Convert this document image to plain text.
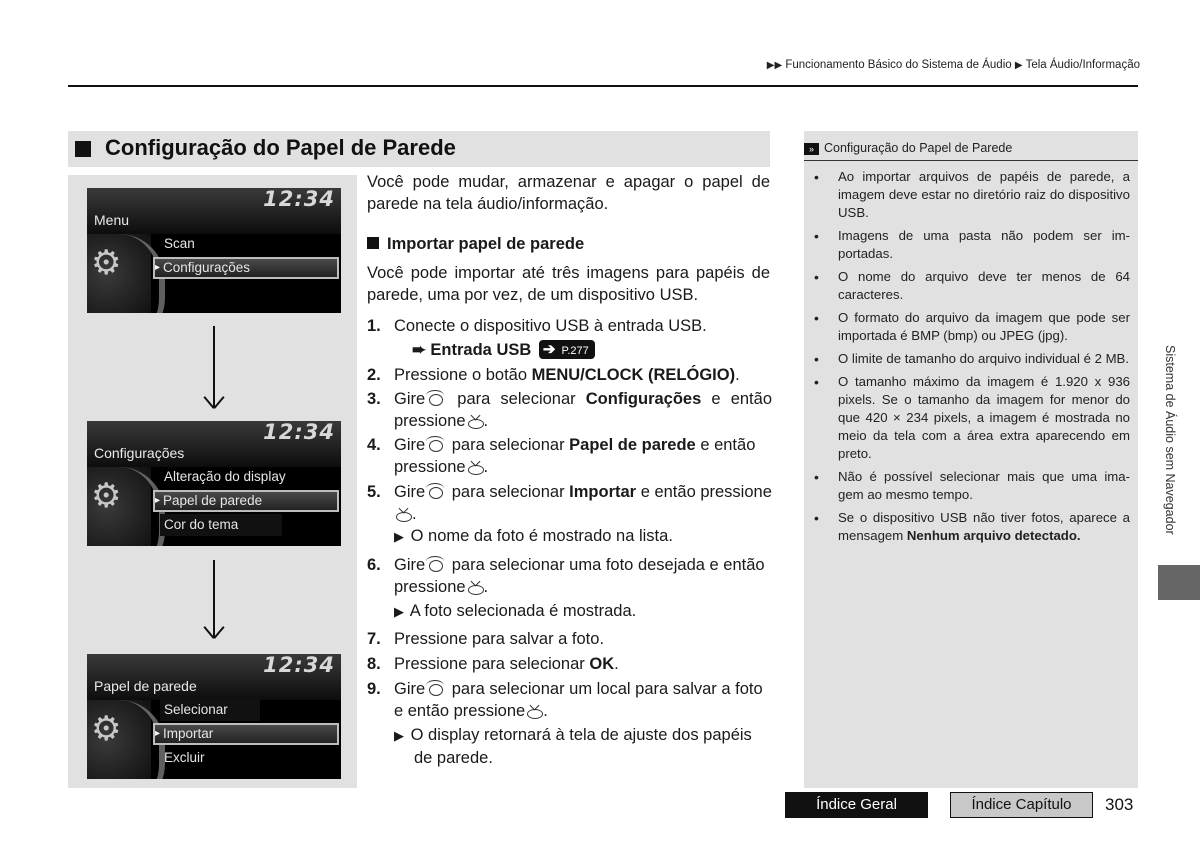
▶▶ Funcionamento Básico do Sistema de Áudio ▶ Tela Áudio/Informação
Configuração do Papel de Parede
12:34
Menu
⚙	Scan
▸ Configurações
12:34
Configurações
⚙	Alteração do display
▸ Papel de parede
Cor do tema
12:34
Papel de parede
⚙	Selecionar
▸ Importar
Excluir
Você pode mudar, armazenar e apagar o papel de parede na tela áudio/informação.
Importar papel de parede
Você pode importar até três imagens para papéis de parede, uma por vez, de um dispositivo USB.
1. Conecte o dispositivo USB à entrada USB.
➨ Entrada USB ➔ P.277
2. Pressione o botão MENU/CLOCK (RELÓGIO).
3. Gire para selecionar Configurações e então pressione .
4. Gire para selecionar Papel de parede e então pressione .
5. Gire para selecionar Importar e então pressione .
▶ O nome da foto é mostrado na lista.
6. Gire para selecionar uma foto desejada e então pressione .
▶ A foto selecionada é mostrada.
7. Pressione para salvar a foto.
8. Pressione para selecionar OK.
9. Gire para selecionar um local para salvar a foto e então pressione .
▶ O display retornará à tela de ajuste dos papéis de parede.
» Configuração do Papel de Parede
• Ao importar arquivos de papéis de parede, a imagem deve estar no diretório raiz do dispositivo USB.
• Imagens de uma pasta não podem ser im-portadas.
• O nome do arquivo deve ter menos de 64 caracteres.
• O formato do arquivo da imagem que pode ser importada é BMP (bmp) ou JPEG (jpg).
• O limite de tamanho do arquivo individual é 2 MB.
• O tamanho máximo da imagem é 1.920 x 936 pixels. Se o tamanho da imagem for menor do que 420 × 234 pixels, a imagem é mostrada no meio da tela com a área extra aparecendo em preto.
• Não é possível selecionar mais que uma ima-gem ao mesmo tempo.
• Se o dispositivo USB não tiver fotos, aparece a mensagem Nenhum arquivo detectado.
Sistema de Áudio sem Navegador
Índice Geral	Índice Capítulo	303
